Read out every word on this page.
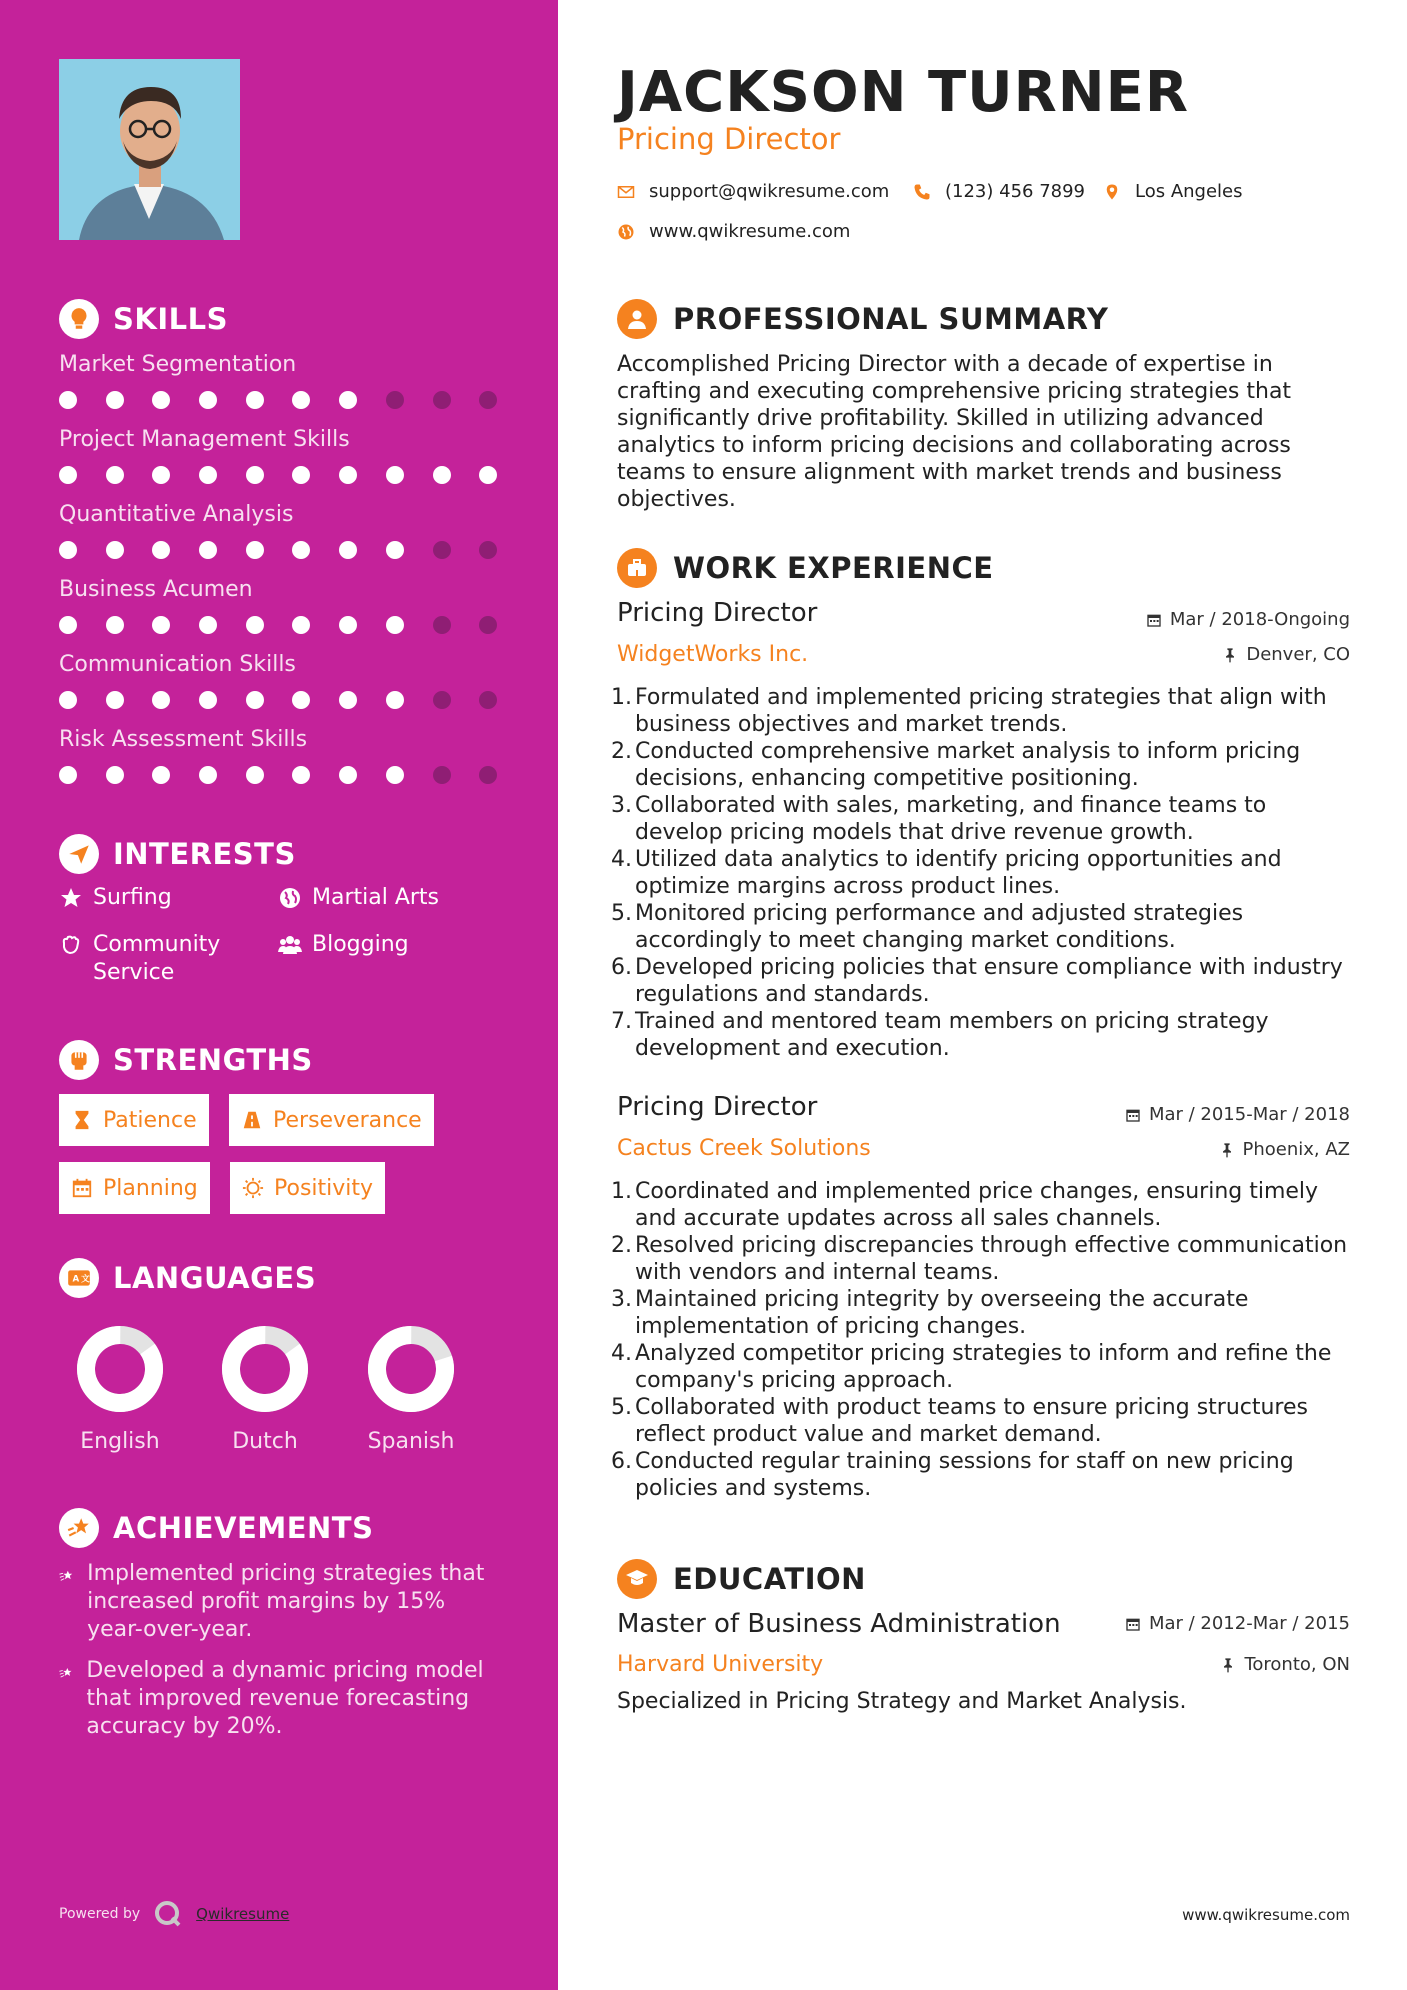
SKILLS
Market Segmentation
Project Management Skills
Quantitative Analysis
Business Acumen
Communication Skills
Risk Assessment Skills
INTERESTS
Surfing	Martial Arts
Community Service
Blogging
STRENGTHS
Patience	Perseverance
Planning	Positivity
A 文 LANGUAGES
English	Dutch	Spanish
ACHIEVEMENTS
Implemented pricing strategies that increased profit margins by 15% year-over-year.
Developed a dynamic pricing model that improved revenue forecasting accuracy by 20%.
Powered by	Qwikresume
JACKSON TURNER
Pricing Director
support@qwikresume.com	(123) 456 7899	Los Angeles
www.qwikresume.com
PROFESSIONAL SUMMARY
Accomplished Pricing Director with a decade of expertise in crafting and executing comprehensive pricing strategies that significantly drive profitability. Skilled in utilizing advanced analytics to inform pricing decisions and collaborating across teams to ensure alignment with market trends and business objectives.
WORK EXPERIENCE
Pricing Director	Mar / 2018-Ongoing
WidgetWorks Inc.	Denver, CO
1. Formulated and implemented pricing strategies that align with business objectives and market trends.
2. Conducted comprehensive market analysis to inform pricing decisions, enhancing competitive positioning.
3. Collaborated with sales, marketing, and finance teams to develop pricing models that drive revenue growth.
4. Utilized data analytics to identify pricing opportunities and optimize margins across product lines.
5. Monitored pricing performance and adjusted strategies accordingly to meet changing market conditions.
6. Developed pricing policies that ensure compliance with industry regulations and standards.
7. Trained and mentored team members on pricing strategy development and execution.
Pricing Director	Mar / 2015-Mar / 2018
Cactus Creek Solutions	Phoenix, AZ
1. Coordinated and implemented price changes, ensuring timely and accurate updates across all sales channels.
2. Resolved pricing discrepancies through effective communication with vendors and internal teams.
3. Maintained pricing integrity by overseeing the accurate implementation of pricing changes.
4. Analyzed competitor pricing strategies to inform and refine the company's pricing approach.
5. Collaborated with product teams to ensure pricing structures reflect product value and market demand.
6. Conducted regular training sessions for staff on new pricing policies and systems.
EDUCATION
Master of Business Administration	Mar / 2012-Mar / 2015
Harvard University	Toronto, ON
Specialized in Pricing Strategy and Market Analysis.
www.qwikresume.com
